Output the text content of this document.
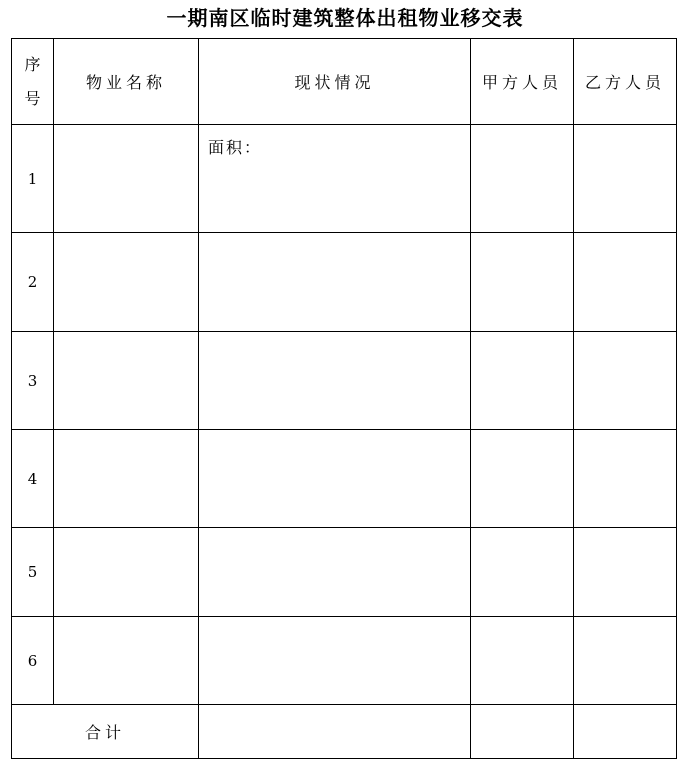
一期南区临时建筑整体出租物业移交表
序
号	物业名称	现状情况	甲方人员	乙方人员
1		面积：		

2				
3				
4				
5				
6				
合计				
